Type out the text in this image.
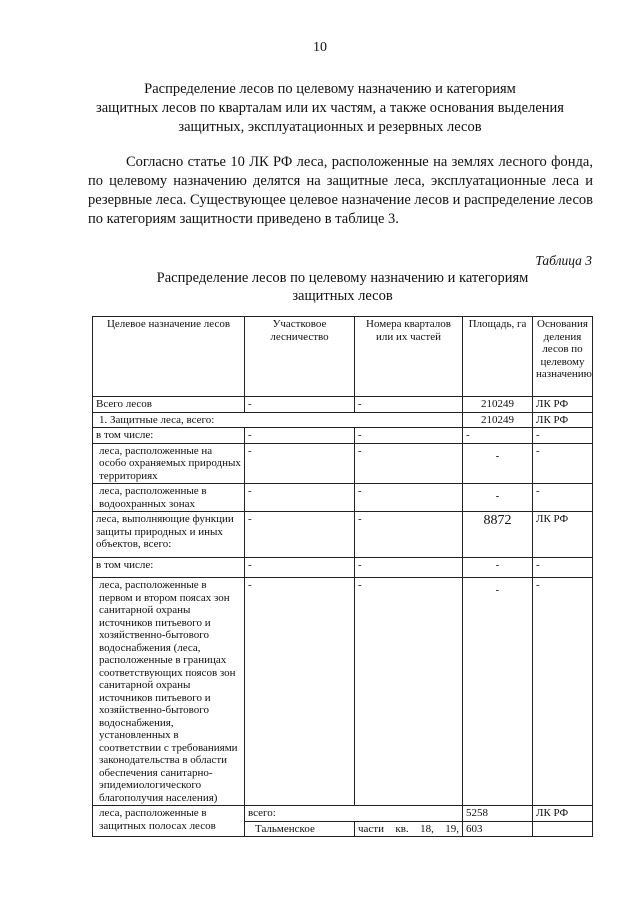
10
Распределение лесов по целевому назначению и категориям
защитных лесов по кварталам или их частям, а также основания выделения
защитных, эксплуатационных и резервных лесов
Согласно статье 10 ЛК РФ леса, расположенные на землях лесного фонда, по целевому назначению делятся на защитные леса, эксплуатационные леса и резервные леса. Существующее целевое назначение лесов и распределение лесов по категориям защитности приведено в таблице 3.
Таблица 3
Распределение лесов по целевому назначению и категориям
защитных лесов
Целевое назначение лесов	Участковое лесничество	Номера кварталов или их частей	Площадь, га	Основания деления лесов по целевому назначению
Всего лесов	-	-	210249	ЛК РФ
1. Защитные леса, всего:			210249	ЛК РФ
в том числе:	-	-	-	-
леса, расположенные на особо охраняемых природных территориях	-	-	-	-
леса, расположенные в водоохранных зонах	-	-	-	-
леса, выполняющие функции защиты природных и иных объектов, всего:	-	-	8872	ЛК РФ
в том числе:	-	-	-	-
леса, расположенные в первом и втором поясах зон санитарной охраны источников питьевого и хозяйственно-бытового водоснабжения (леса, расположенные в границах соответствующих поясов зон санитарной охраны источников питьевого и хозяйственно-бытового водоснабжения, установленных в соответствии с требованиями законодательства в области обеспечения санитарно-эпидемиологического благополучия населения)	-	-	-	-
леса, расположенные в защитных полосах лесов	всего:		5258	ЛК РФ
	Тальменское	части кв. 18, 19,	603	
